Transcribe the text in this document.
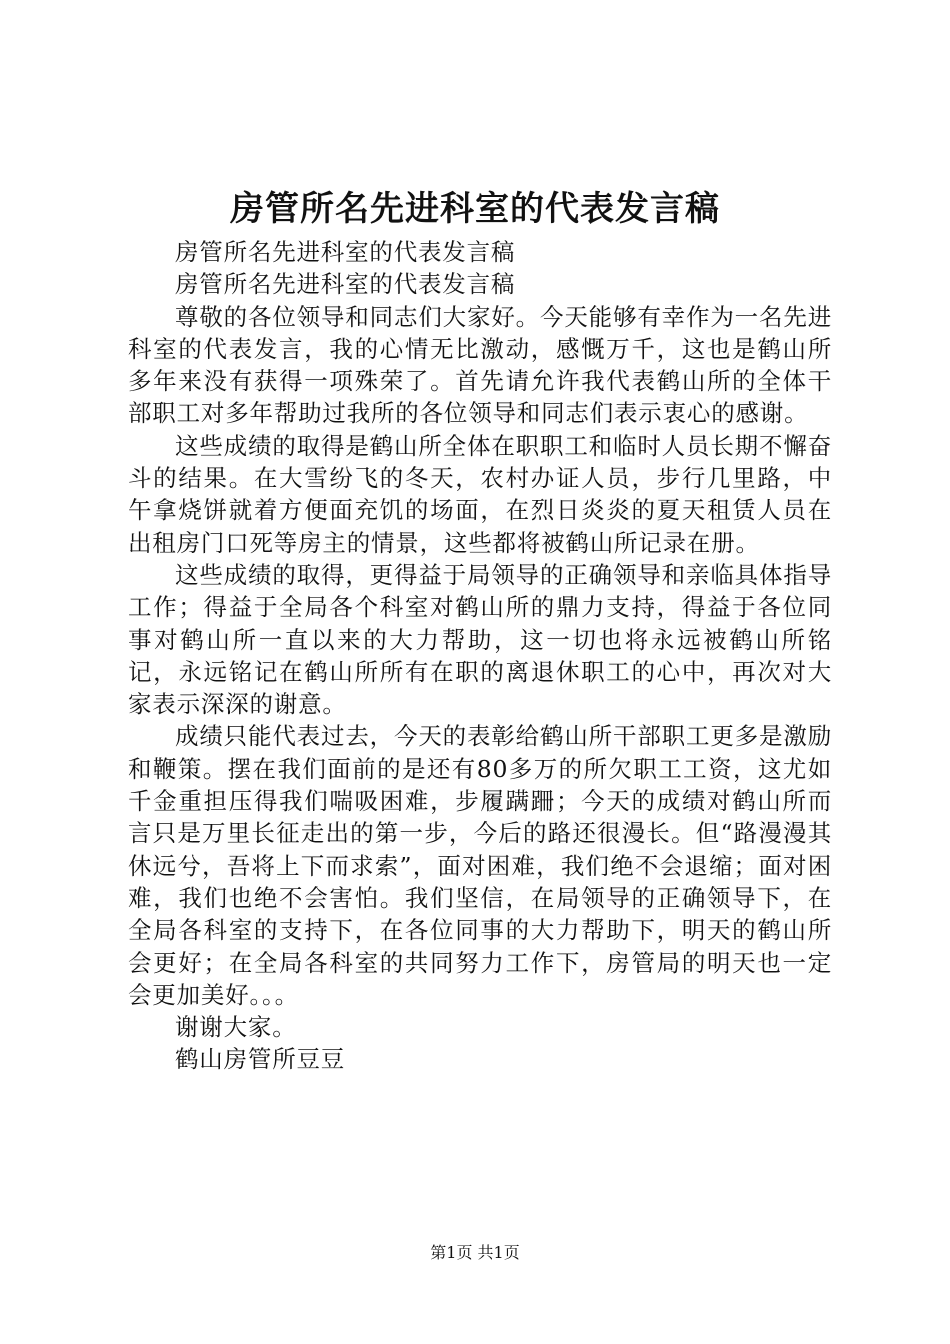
房管所名先进科室的代表发言稿

房管所名先进科室的代表发言稿

房管所名先进科室的代表发言稿

尊敬的各位领导和同志们大家好。今天能够有幸作为一名先进科室的代表发言，我的心情无比激动，感慨万千，这也是鹤山所多年来没有获得一项殊荣了。首先请允许我代表鹤山所的全体干部职工对多年帮助过我所的各位领导和同志们表示衷心的感谢。

这些成绩的取得是鹤山所全体在职职工和临时人员长期不懈奋斗的结果。在大雪纷飞的冬天，农村办证人员，步行几里路，中午拿烧饼就着方便面充饥的场面，在烈日炎炎的夏天租赁人员在出租房门口死等房主的情景，这些都将被鹤山所记录在册。

这些成绩的取得，更得益于局领导的正确领导和亲临具体指导工作；得益于全局各个科室对鹤山所的鼎力支持，得益于各位同事对鹤山所一直以来的大力帮助，这一切也将永远被鹤山所铭记，永远铭记在鹤山所所有在职的离退休职工的心中，再次对大家表示深深的谢意。

成绩只能代表过去，今天的表彰给鹤山所干部职工更多是激励和鞭策。摆在我们面前的是还有80多万的所欠职工工资，这尤如千金重担压得我们喘吸困难，步履蹒跚；今天的成绩对鹤山所而言只是万里长征走出的第一步，今后的路还很漫长。但“路漫漫其休远兮，吾将上下而求索”，面对困难，我们绝不会退缩；面对困难，我们也绝不会害怕。我们坚信，在局领导的正确领导下，在全局各科室的支持下，在各位同事的大力帮助下，明天的鹤山所会更好；在全局各科室的共同努力工作下，房管局的明天也一定会更加美好。。。

谢谢大家。

鹤山房管所豆豆

第1页 共1页
